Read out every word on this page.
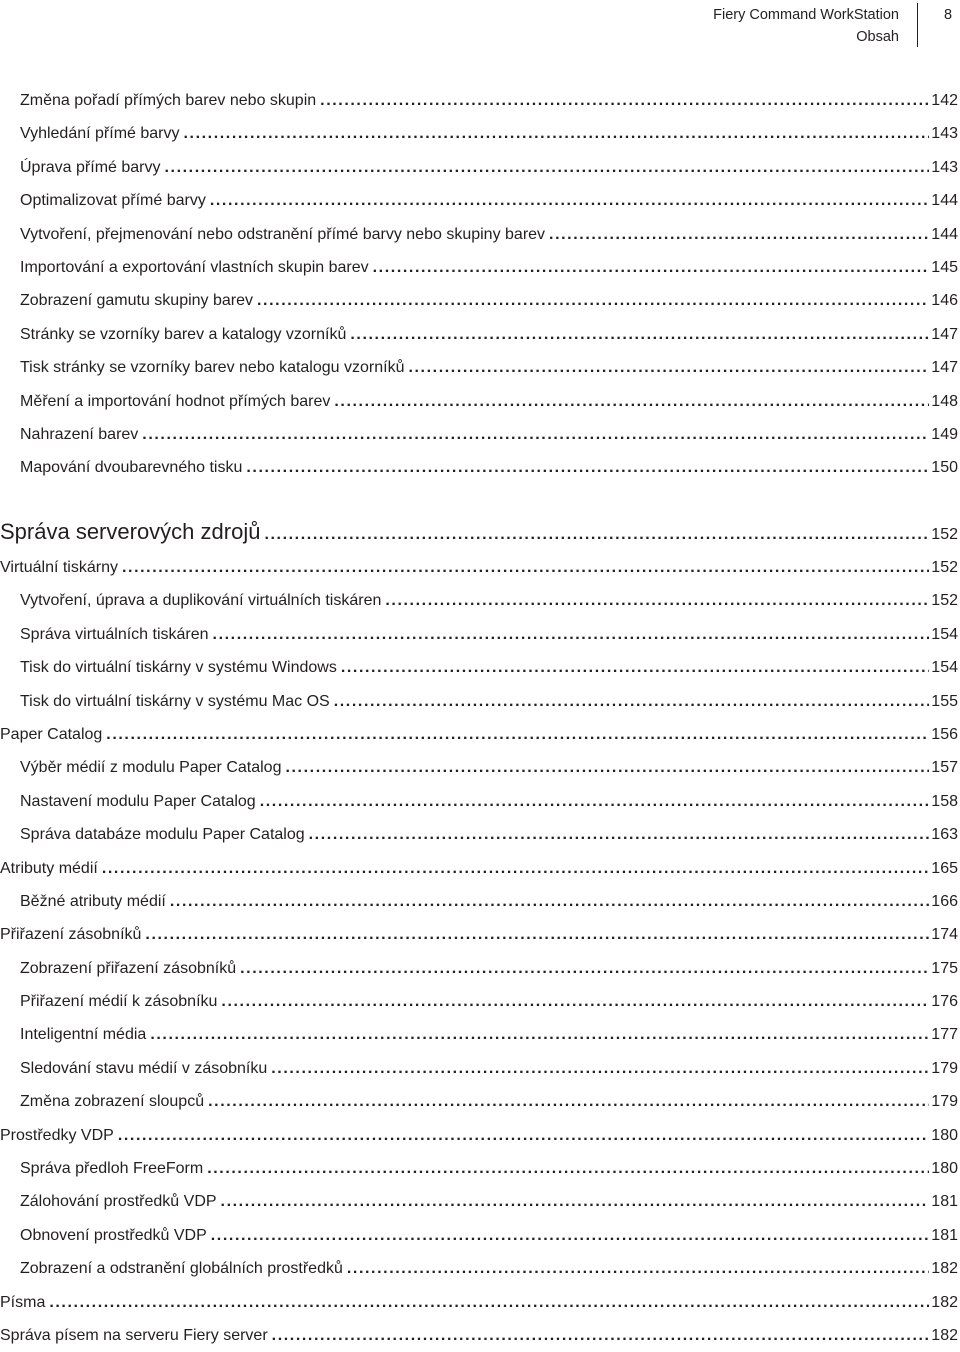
Fiery Command WorkStation
Obsah
8
Změna pořadí přímých barev nebo skupin .....	142
Vyhledání přímé barvy .....	143
Úprava přímé barvy .....	143
Optimalizovat přímé barvy .....	144
Vytvoření, přejmenování nebo odstranění přímé barvy nebo skupiny barev .....	144
Importování a exportování vlastních skupin barev .....	145
Zobrazení gamutu skupiny barev .....	146
Stránky se vzorníky barev a katalogy vzorníků .....	147
Tisk stránky se vzorníky barev nebo katalogu vzorníků .....	147
Měření a importování hodnot přímých barev .....	148
Nahrazení barev .....	149
Mapování dvoubarevného tisku .....	150
Správa serverových zdrojů .....	152
Virtuální tiskárny .....	152
Vytvoření, úprava a duplikování virtuálních tiskáren .....	152
Správa virtuálních tiskáren .....	154
Tisk do virtuální tiskárny v systému Windows .....	154
Tisk do virtuální tiskárny v systému Mac OS .....	155
Paper Catalog .....	156
Výběr médií z modulu Paper Catalog .....	157
Nastavení modulu Paper Catalog .....	158
Správa databáze modulu Paper Catalog .....	163
Atributy médií .....	165
Běžné atributy médií .....	166
Přiřazení zásobníků .....	174
Zobrazení přiřazení zásobníků .....	175
Přiřazení médií k zásobníku .....	176
Inteligentní média .....	177
Sledování stavu médií v zásobníku .....	179
Změna zobrazení sloupců .....	179
Prostředky VDP .....	180
Správa předloh FreeForm .....	180
Zálohování prostředků VDP .....	181
Obnovení prostředků VDP .....	181
Zobrazení a odstranění globálních prostředků .....	182
Písma .....	182
Správa písem na serveru Fiery server .....	182
